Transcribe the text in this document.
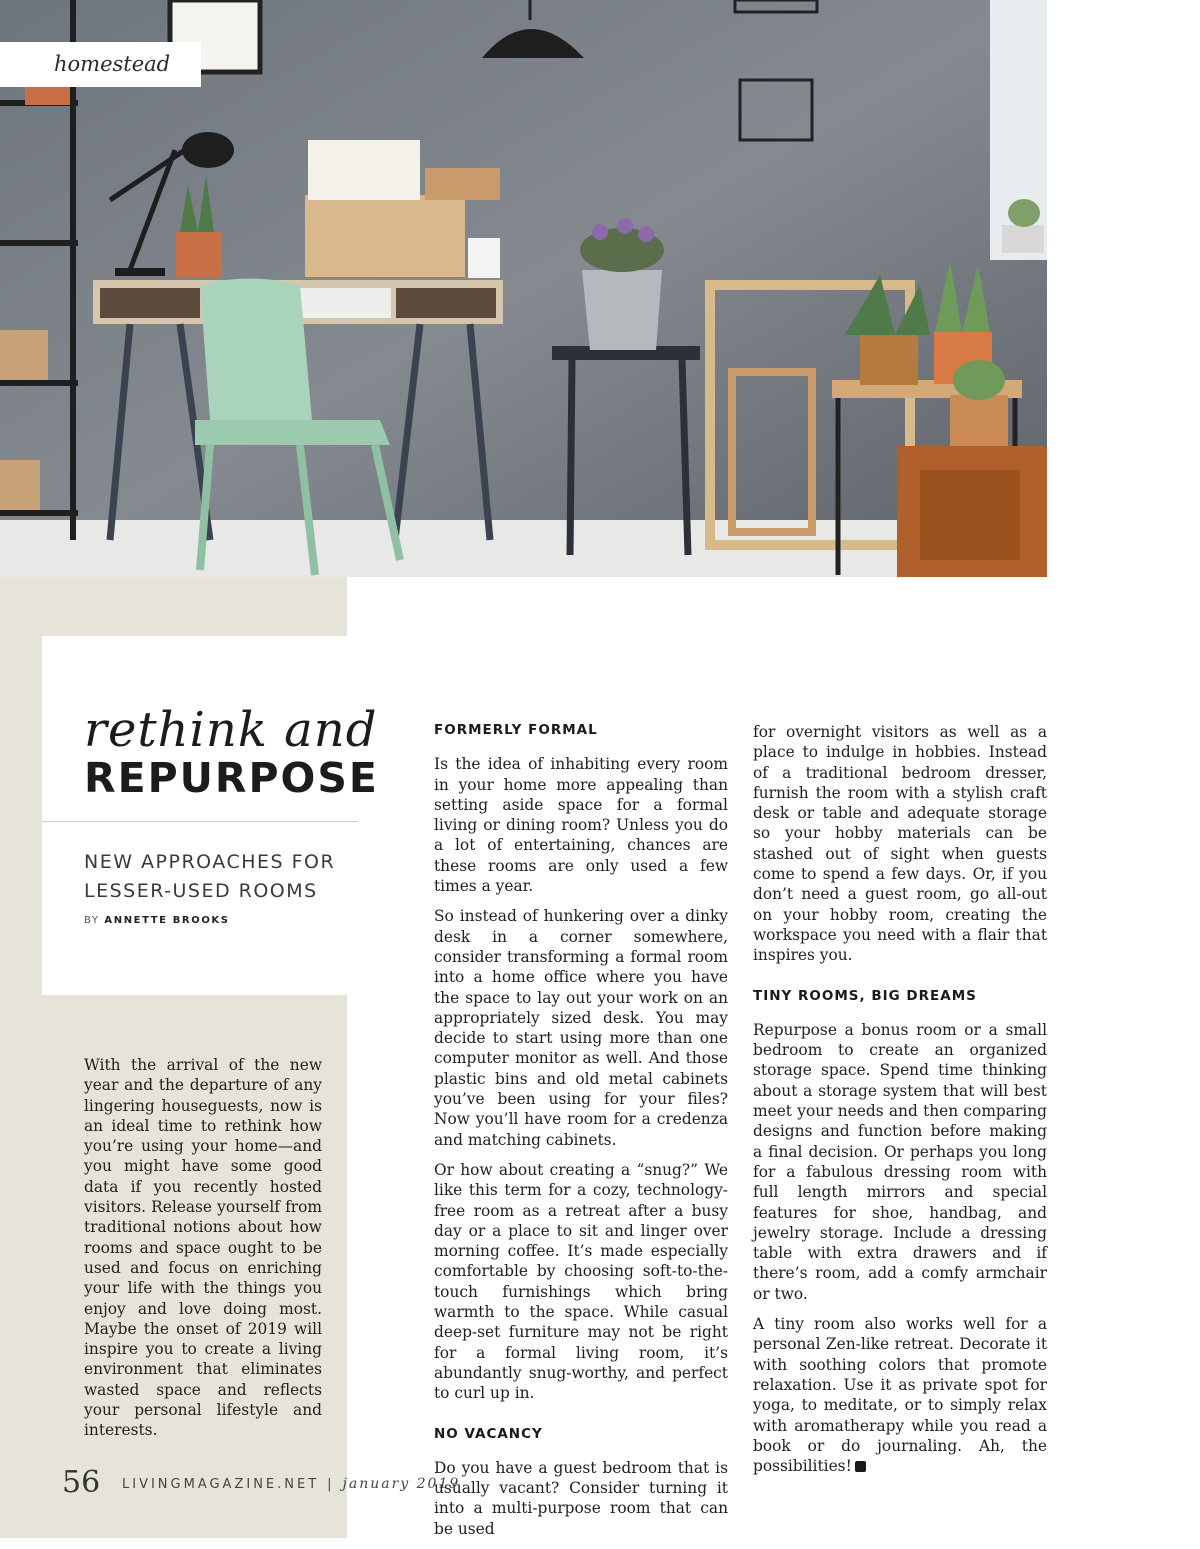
homestead
rethink and
REPURPOSE
NEW APPROACHES FOR LESSER-USED ROOMS
BY ANNETTE BROOKS

With the arrival of the new year and the departure of any lingering houseguests, now is an ideal time to rethink how you’re using your home—and you might have some good data if you recently hosted visitors. Release yourself from traditional notions about how rooms and space ought to be used and focus on enriching your life with the things you enjoy and love doing most. Maybe the onset of 2019 will inspire you to create a living environment that eliminates wasted space and reflects your personal lifestyle and interests.

FORMERLY FORMAL

Is the idea of inhabiting every room in your home more appealing than setting aside space for a formal living or dining room? Unless you do a lot of entertaining, chances are these rooms are only used a few times a year.

So instead of hunkering over a dinky desk in a corner somewhere, consider transforming a formal room into a home office where you have the space to lay out your work on an appropriately sized desk. You may decide to start using more than one computer monitor as well. And those plastic bins and old metal cabinets you’ve been using for your files? Now you’ll have room for a credenza and matching cabinets.

Or how about creating a “snug?” We like this term for a cozy, technology-free room as a retreat after a busy day or a place to sit and linger over morning coffee. It’s made especially comfortable by choosing soft-to-the-touch furnishings which bring warmth to the space. While casual deep-set furniture may not be right for a formal living room, it’s abundantly snug-worthy, and perfect to curl up in.

NO VACANCY

Do you have a guest bedroom that is usually vacant? Consider turning it into a multi-purpose room that can be used

for overnight visitors as well as a place to indulge in hobbies. Instead of a traditional bedroom dresser, furnish the room with a stylish craft desk or table and adequate storage so your hobby materials can be stashed out of sight when guests come to spend a few days. Or, if you don’t need a guest room, go all-out on your hobby room, creating the workspace you need with a flair that inspires you.

TINY ROOMS, BIG DREAMS

Repurpose a bonus room or a small bedroom to create an organized storage space. Spend time thinking about a storage system that will best meet your needs and then comparing designs and function before making a final decision. Or perhaps you long for a fabulous dressing room with full length mirrors and special features for shoe, handbag, and jewelry storage. Include a dressing table with extra drawers and if there’s room, add a comfy armchair or two.

A tiny room also works well for a personal Zen-like retreat. Decorate it with soothing colors that promote relaxation. Use it as private spot for yoga, to meditate, or to simply relax with aromatherapy while you read a book or do journaling. Ah, the possibilities!

56 LIVINGMAGAZINE.NET | january 2019
